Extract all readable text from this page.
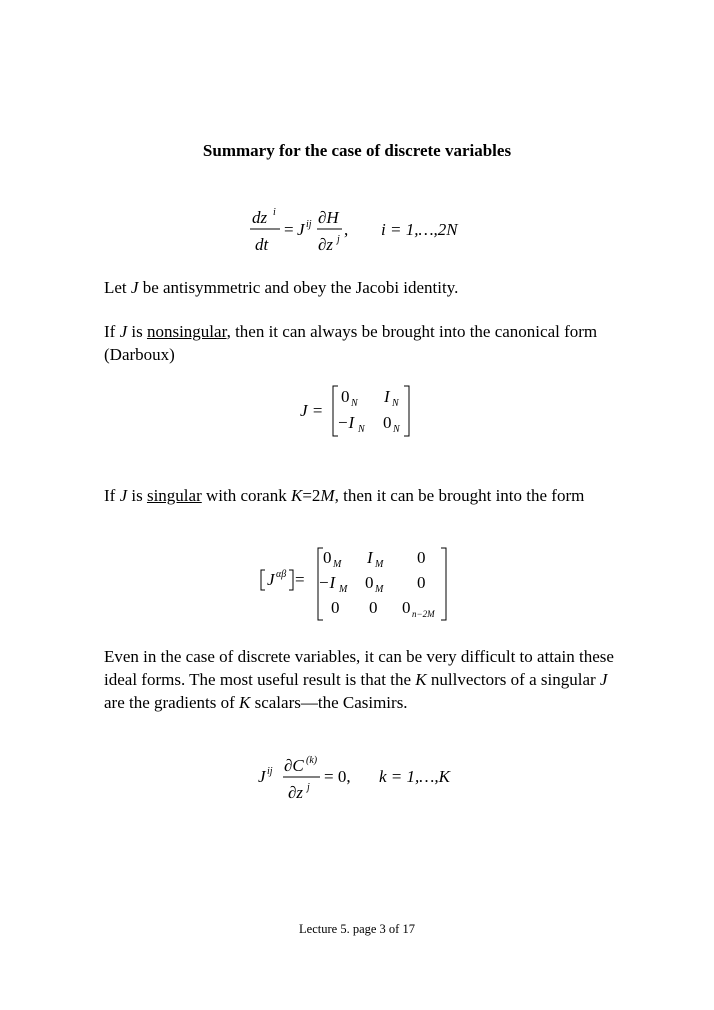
Summary for the case of discrete variables
dz i
dt
= J ij ∂H
∂z j
, i = 1,…,2N
Let J be antisymmetric and obey the Jacobi identity.
If J is nonsingular, then it can always be brought into the canonical form (Darboux)
J =
0 N I N
−I N 0 N
If J is singular with corank K=2M, then it can be brought into the form
J αβ =
0 M I M 0
−I M 0 M 0
0 0 0 n−2M
Even in the case of discrete variables, it can be very difficult to attain these ideal forms. The most useful result is that the K nullvectors of a singular J are the gradients of K scalars—the Casimirs.
J ij ∂C (k)
∂z j
= 0, k = 1,…,K
Lecture 5. page 3 of 17
